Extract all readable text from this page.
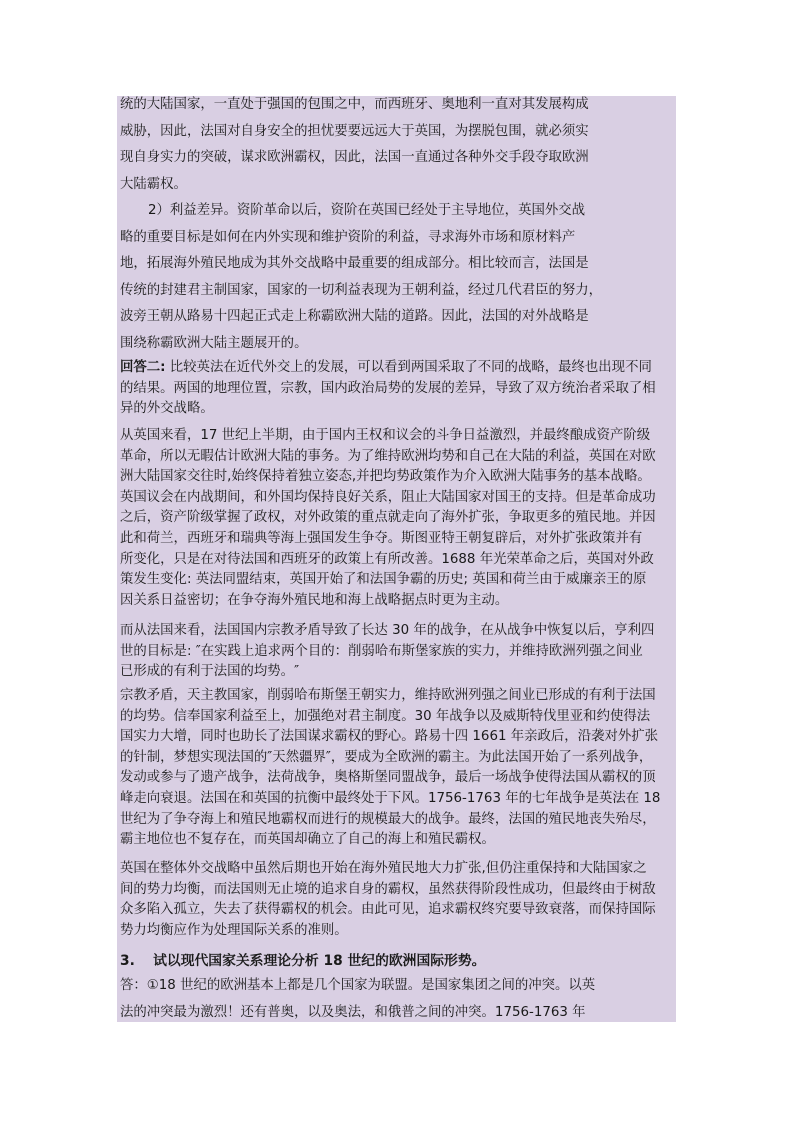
统的大陆国家，一直处于强国的包围之中，而西班牙、奥地利一直对其发展构成
威胁，因此，法国对自身安全的担忧要要远远大于英国，为摆脱包围，就必须实
现自身实力的突破，谋求欧洲霸权，因此，法国一直通过各种外交手段夺取欧洲
大陆霸权。
2）利益差异。资阶革命以后，资阶在英国已经处于主导地位，英国外交战
略的重要目标是如何在内外实现和维护资阶的利益，寻求海外市场和原材料产
地，拓展海外殖民地成为其外交战略中最重要的组成部分。相比较而言，法国是
传统的封建君主制国家，国家的一切利益表现为王朝利益，经过几代君臣的努力，
波旁王朝从路易十四起正式走上称霸欧洲大陆的道路。因此，法国的对外战略是
围绕称霸欧洲大陆主题展开的。
回答二: 比较英法在近代外交上的发展，可以看到两国采取了不同的战略，最终也出现不同
的结果。两国的地理位置，宗教，国内政治局势的发展的差异，导致了双方统治者采取了相
异的外交战略。
从英国来看，17 世纪上半期，由于国内王权和议会的斗争日益激烈，并最终酿成资产阶级
革命，所以无暇估计欧洲大陆的事务。为了维持欧洲均势和自己在大陆的利益，英国在对欧
洲大陆国家交往时,始终保持着独立姿态,并把均势政策作为介入欧洲大陆事务的基本战略。
英国议会在内战期间，和外国均保持良好关系，阻止大陆国家对国王的支持。但是革命成功
之后，资产阶级掌握了政权，对外政策的重点就走向了海外扩张，争取更多的殖民地。并因
此和荷兰，西班牙和瑞典等海上强国发生争夺。斯图亚特王朝复辟后，对外扩张政策并有
所变化，只是在对待法国和西班牙的政策上有所改善。1688 年光荣革命之后，英国对外政
策发生变化: 英法同盟结束，英国开始了和法国争霸的历史; 英国和荷兰由于威廉亲王的原
因关系日益密切；在争夺海外殖民地和海上战略据点时更为主动。
而从法国来看，法国国内宗教矛盾导致了长达 30 年的战争，在从战争中恢复以后，亨利四
世的目标是: ″在实践上追求两个目的：削弱哈布斯堡家族的实力，并维持欧洲列强之间业
已形成的有利于法国的均势。″
宗教矛盾，天主教国家，削弱哈布斯堡王朝实力，维持欧洲列强之间业已形成的有利于法国
的均势。信奉国家利益至上，加强绝对君主制度。30 年战争以及威斯特伐里亚和约使得法
国实力大增，同时也助长了法国谋求霸权的野心。路易十四 1661 年亲政后，沿袭对外扩张
的针制，梦想实现法国的″天然疆界″，要成为全欧洲的霸主。为此法国开始了一系列战争，
发动或参与了遗产战争，法荷战争，奥格斯堡同盟战争，最后一场战争使得法国从霸权的顶
峰走向衰退。法国在和英国的抗衡中最终处于下风。1756-1763 年的七年战争是英法在 18
世纪为了争夺海上和殖民地霸权而进行的规模最大的战争。最终，法国的殖民地丧失殆尽，
霸主地位也不复存在，而英国却确立了自己的海上和殖民霸权。
英国在整体外交战略中虽然后期也开始在海外殖民地大力扩张,但仍注重保持和大陆国家之
间的势力均衡，而法国则无止境的追求自身的霸权，虽然获得阶段性成功，但最终由于树敌
众多陷入孤立，失去了获得霸权的机会。由此可见，追求霸权终究要导致衰落，而保持国际
势力均衡应作为处理国际关系的准则。
3. 试以现代国家关系理论分析 18 世纪的欧洲国际形势。
答：①18 世纪的欧洲基本上都是几个国家为联盟。是国家集团之间的冲突。以英
法的冲突最为激烈！还有普奥，以及奥法，和俄普之间的冲突。1756-1763 年
